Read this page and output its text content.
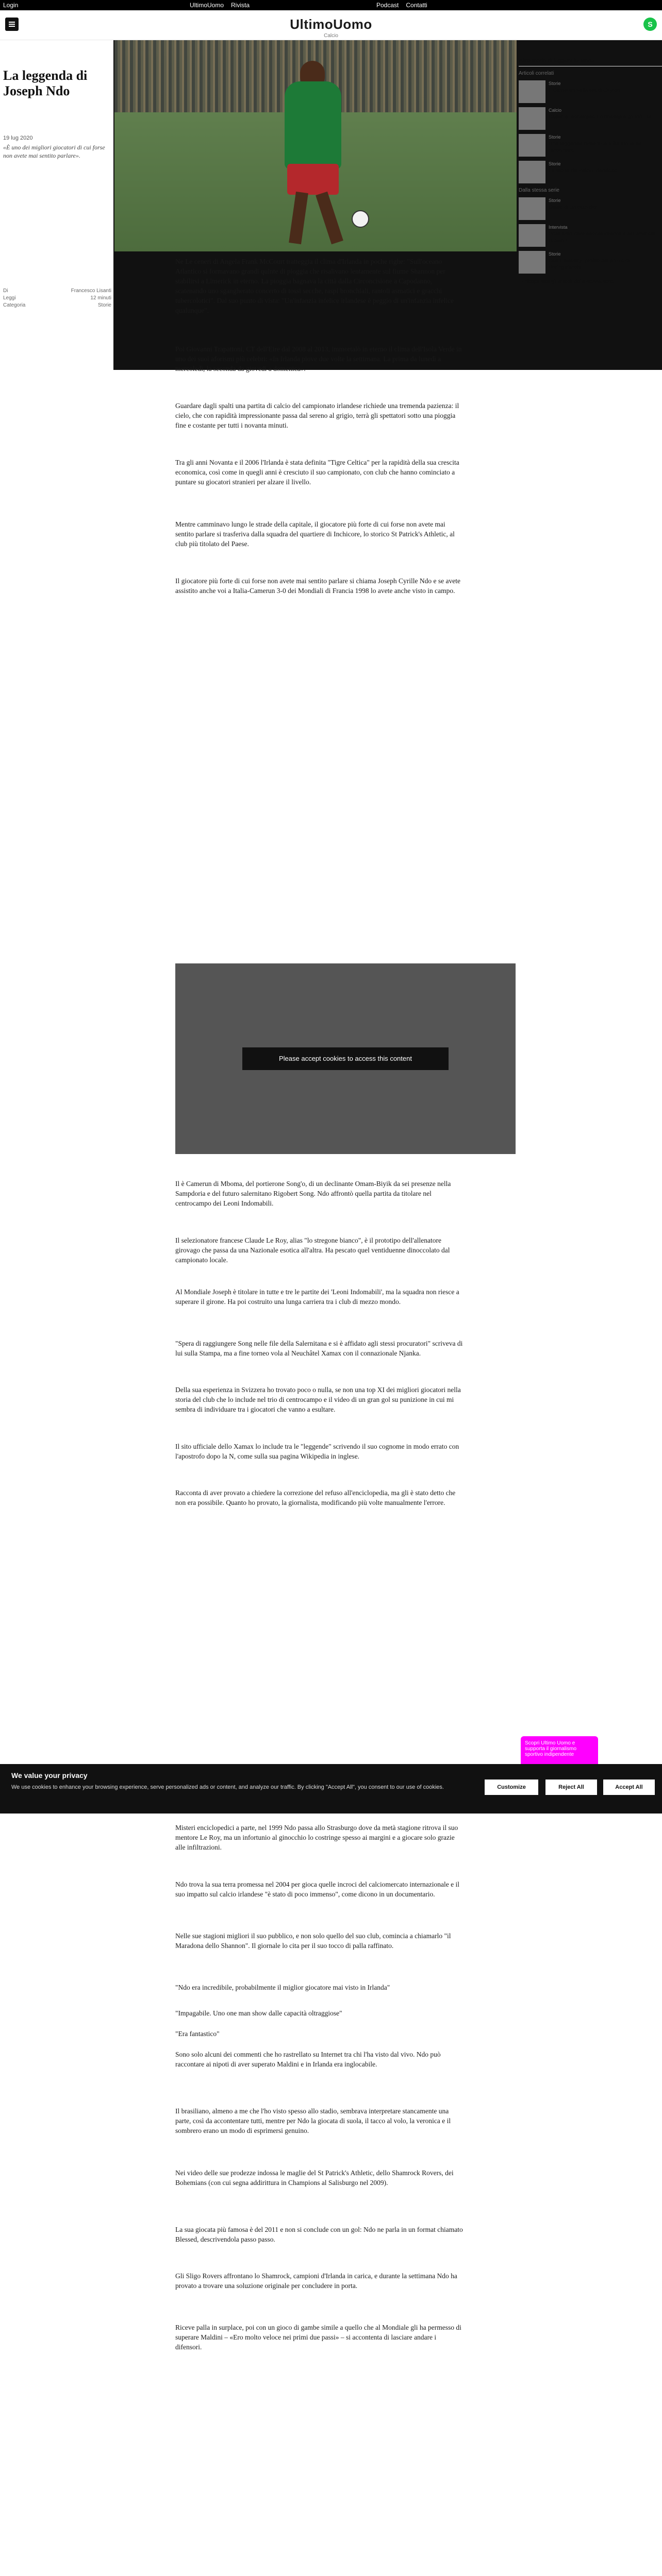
Login	UltimoUomo Rivista	Podcast Contatti
UltimoUomo
Calcio
S
La leggenda di Joseph Ndo
19 lug 2020
«È uno dei migliori giocatori di cui forse non avete mai sentito parlare».
Di	Francesco Lisanti
Leggi	12 minuti
Categoria	Storie
Altro modo di leggere la storia
Articoli correlati
Storie
Il Camerun sulla via di Ceylon
Calcio
Come si incontrano Lombassa e gli Infiltrati
Storie
Una leggenda dimenticata fra storie da raccontare
Storie
La storia del calcio irlandese
Dalla stessa serie
Storie
Diario di un outsider
Intervista
Possiamo dare ancora interviste al Lattimore Brown?
Storie
Dan Pavlosky: profilo del pozzo di Boringsfacchi
→ Scopri tutti gli articoli della stessa serie

Ne Le ceneri di Angela Frank McCourt tratteggia il clima d'Irlanda in poche righe: "Sull'oceano Atlantico si formavano grandi quinte di pioggia che risalivano lentamente sul fiume Shannon per stabilirsi a Limerick in eterno. La pioggia bagnava la città dalla Circoncisione a Capodanno, scatenando uno sgangherato concerto di tossi secche, raspi bronchiali, rantoli asmatici e gracchi tubercolotici". Dal suo punto di vista: "Un'infanzia infelice irlandese è peggio di un'infanzia infelice qualunque".

Poi Giovanni Trapattoni, CT dell'Eire dal 2008 al 2013, immortalò in eterno il clima dell'Isola Verde in uno dei suoi aforismi più celebri: «In Irlanda piove due volte la settimana. La prima da lunedì a mercoledì, la seconda da giovedì a domenica».

Guardare dagli spalti una partita di calcio del campionato irlandese richiede una tremenda pazienza: il cielo, che con rapidità impressionante passa dal sereno al grigio, terrà gli spettatori sotto una pioggia fine e costante per tutti i novanta minuti.

Tra gli anni Novanta e il 2006 l'Irlanda è stata definita "Tigre Celtica" per la rapidità della sua crescita economica, così come in quegli anni è cresciuto il suo campionato, con club che hanno cominciato a puntare su giocatori stranieri per alzare il livello.

Mentre camminavo lungo le strade della capitale, il giocatore più forte di cui forse non avete mai sentito parlare si trasferiva dalla squadra del quartiere di Inchicore, lo storico St Patrick's Athletic, al club più titolato del Paese.

Il giocatore più forte di cui forse non avete mai sentito parlare si chiama Joseph Cyrille Ndo e se avete assistito anche voi a Italia-Camerun 3-0 dei Mondiali di Francia 1998 lo avete anche visto in campo.

Il è Camerun di Mboma, del portierone Song'o, di un declinante Omam-Biyik da sei presenze nella Sampdoria e del futuro salernitano Rigobert Song. Ndo affrontò quella partita da titolare nel centrocampo dei Leoni Indomabili.

Il selezionatore francese Claude Le Roy, alias "lo stregone bianco", è il prototipo dell'allenatore girovago che passa da una Nazionale esotica all'altra. Ha pescato quel ventiduenne dinoccolato dal campionato locale.

Al Mondiale Joseph è titolare in tutte e tre le partite dei 'Leoni Indomabili', ma la squadra non riesce a superare il girone. Ha poi costruito una lunga carriera tra i club di mezzo mondo.

"Spera di raggiungere Song nelle file della Salernitana e si è affidato agli stessi procuratori" scriveva di lui sulla Stampa, ma a fine torneo vola al Neuchâtel Xamax con il connazionale Njanka.

Della sua esperienza in Svizzera ho trovato poco o nulla, se non una top XI dei migliori giocatori nella storia del club che lo include nel trio di centrocampo e il video di un gran gol su punizione in cui mi sembra di individuare tra i giocatori che vanno a esultare.

Il sito ufficiale dello Xamax lo include tra le "leggende" scrivendo il suo cognome in modo errato con l'apostrofo dopo la N, come sulla sua pagina Wikipedia in inglese.

Racconta di aver provato a chiedere la correzione del refuso all'enciclopedia, ma gli è stato detto che non era possibile. Quanto ho provato, la giornalista, modificando più volte manualmente l'errore.

Misteri enciclopedici a parte, nel 1999 Ndo passa allo Strasburgo dove da metà stagione ritrova il suo mentore Le Roy, ma un infortunio al ginocchio lo costringe spesso ai margini e a giocare solo grazie alle infiltrazioni.

Ndo trova la sua terra promessa nel 2004 per gioca quelle incroci del calciomercato internazionale e il suo impatto sul calcio irlandese "è stato di poco immenso", come dicono in un documentario.

Nelle sue stagioni migliori il suo pubblico, e non solo quello del suo club, comincia a chiamarlo "il Maradona dello Shannon". Il giornale lo cita per il suo tocco di palla raffinato.

"Ndo era incredibile, probabilmente il miglior giocatore mai visto in Irlanda"

"Impagabile. Uno one man show dalle capacità oltraggiose"

"Era fantastico"

Sono solo alcuni dei commenti che ho rastrellato su Internet tra chi l'ha visto dal vivo. Ndo può raccontare ai nipoti di aver superato Maldini e in Irlanda era inglocabile.

Il brasiliano, almeno a me che l'ho visto spesso allo stadio, sembrava interpretare stancamente una parte, così da accontentare tutti, mentre per Ndo la giocata di suola, il tacco al volo, la veronica e il sombrero erano un modo di esprimersi genuino.

Nei video delle sue prodezze indossa le maglie del St Patrick's Athletic, dello Shamrock Rovers, dei Bohemians (con cui segna addirittura in Champions al Salisburgo nel 2009).

La sua giocata più famosa è del 2011 e non si conclude con un gol: Ndo ne parla in un format chiamato Blessed, descrivendola passo passo.

Gli Sligo Rovers affrontano lo Shamrock, campioni d'Irlanda in carica, e durante la settimana Ndo ha provato a trovare una soluzione originale per concludere in porta.

Riceve palla in surplace, poi con un gioco di gambe simile a quello che al Mondiale gli ha permesso di superare Maldini – «Ero molto veloce nei primi due passi» – si accontenta di lasciare andare i difensori.

Please accept cookies to access this content
Scopri Ultimo Uomo e supporta il giornalismo sportivo indipendente
We value your privacy
We use cookies to enhance your browsing experience, serve personalized ads or content, and analyze our traffic. By clicking "Accept All", you consent to our use of cookies.	Customize	Reject All	Accept All
